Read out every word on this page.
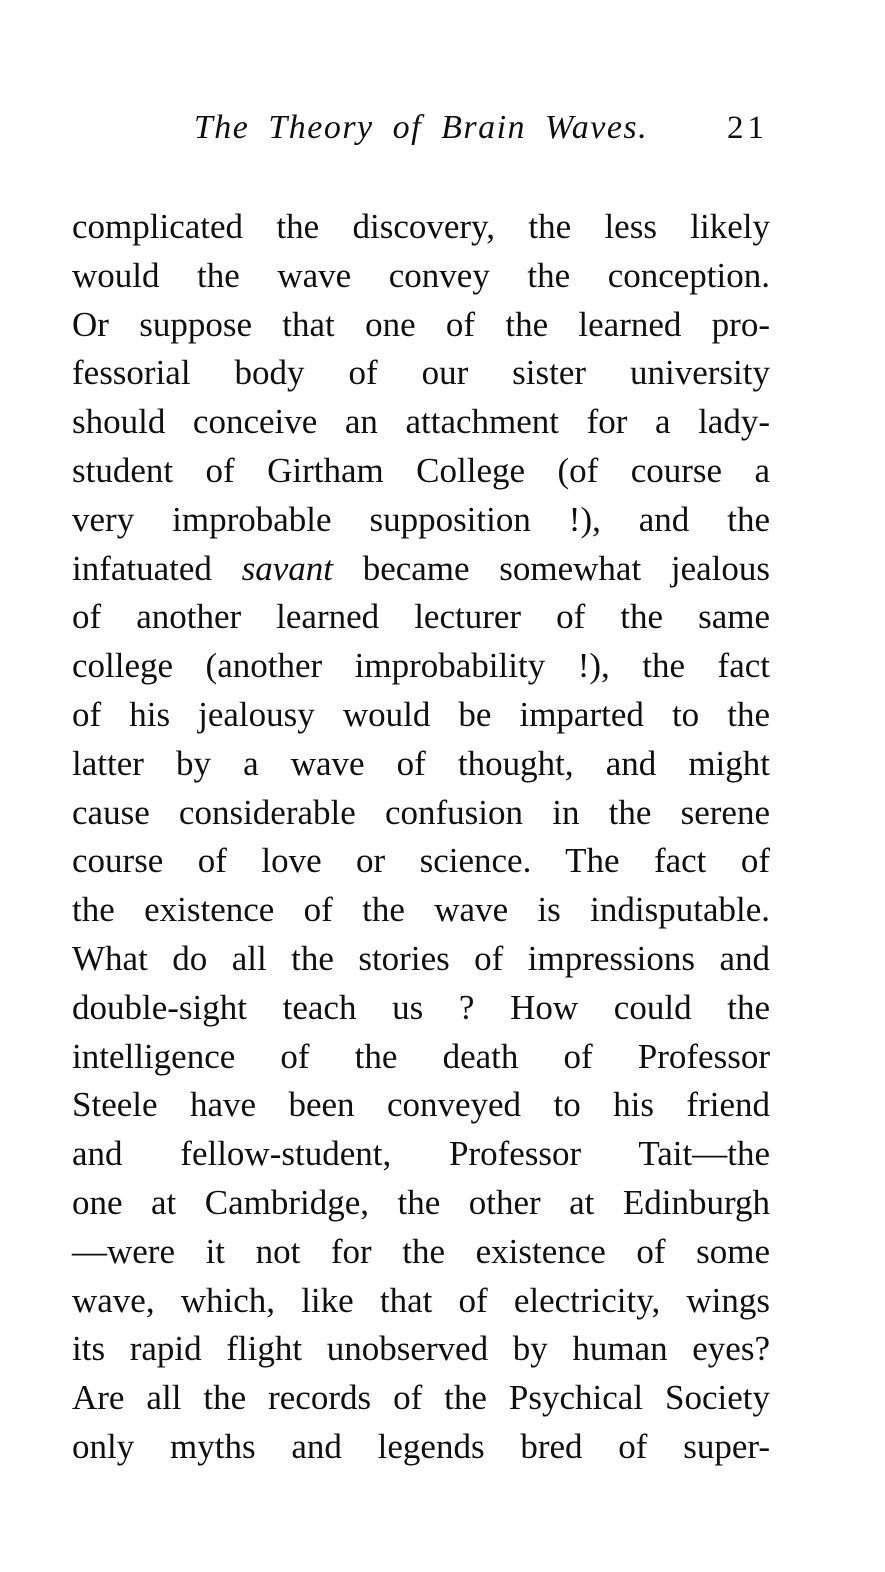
The Theory of Brain Waves.	21
complicated the discovery, the less likely
would the wave convey the conception.
Or suppose that one of the learned pro-
fessorial body of our sister university
should conceive an attachment for a lady-
student of Girtham College (of course a
very improbable supposition !), and the
infatuated savant became somewhat jealous
of another learned lecturer of the same
college (another improbability !), the fact
of his jealousy would be imparted to the
latter by a wave of thought, and might
cause considerable confusion in the serene
course of love or science. The fact of
the existence of the wave is indisputable.
What do all the stories of impressions and
double-sight teach us ? How could the
intelligence of the death of Professor
Steele have been conveyed to his friend
and fellow-student, Professor Tait—the
one at Cambridge, the other at Edinburgh
—were it not for the existence of some
wave, which, like that of electricity, wings
its rapid flight unobserved by human eyes?
Are all the records of the Psychical Society
only myths and legends bred of super-
